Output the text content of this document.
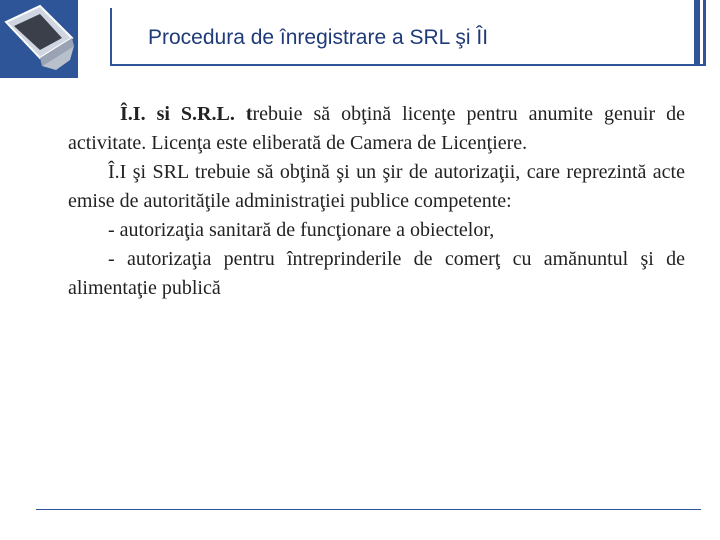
Procedura de înregistrare a SRL şi ÎI

Î.I. si S.R.L. trebuie să obţină licenţe pentru anumite genuir de activitate. Licenţa este eliberată de Camera de Licenţiere.

Î.I şi SRL trebuie să obţină şi un şir de autorizaţii, care reprezintă acte emise de autorităţile administraţiei publice competente:

- autorizaţia sanitară de funcţionare a obiectelor,

- autorizaţia pentru întreprinderile de comerţ cu amănuntul şi de alimentaţie publică
